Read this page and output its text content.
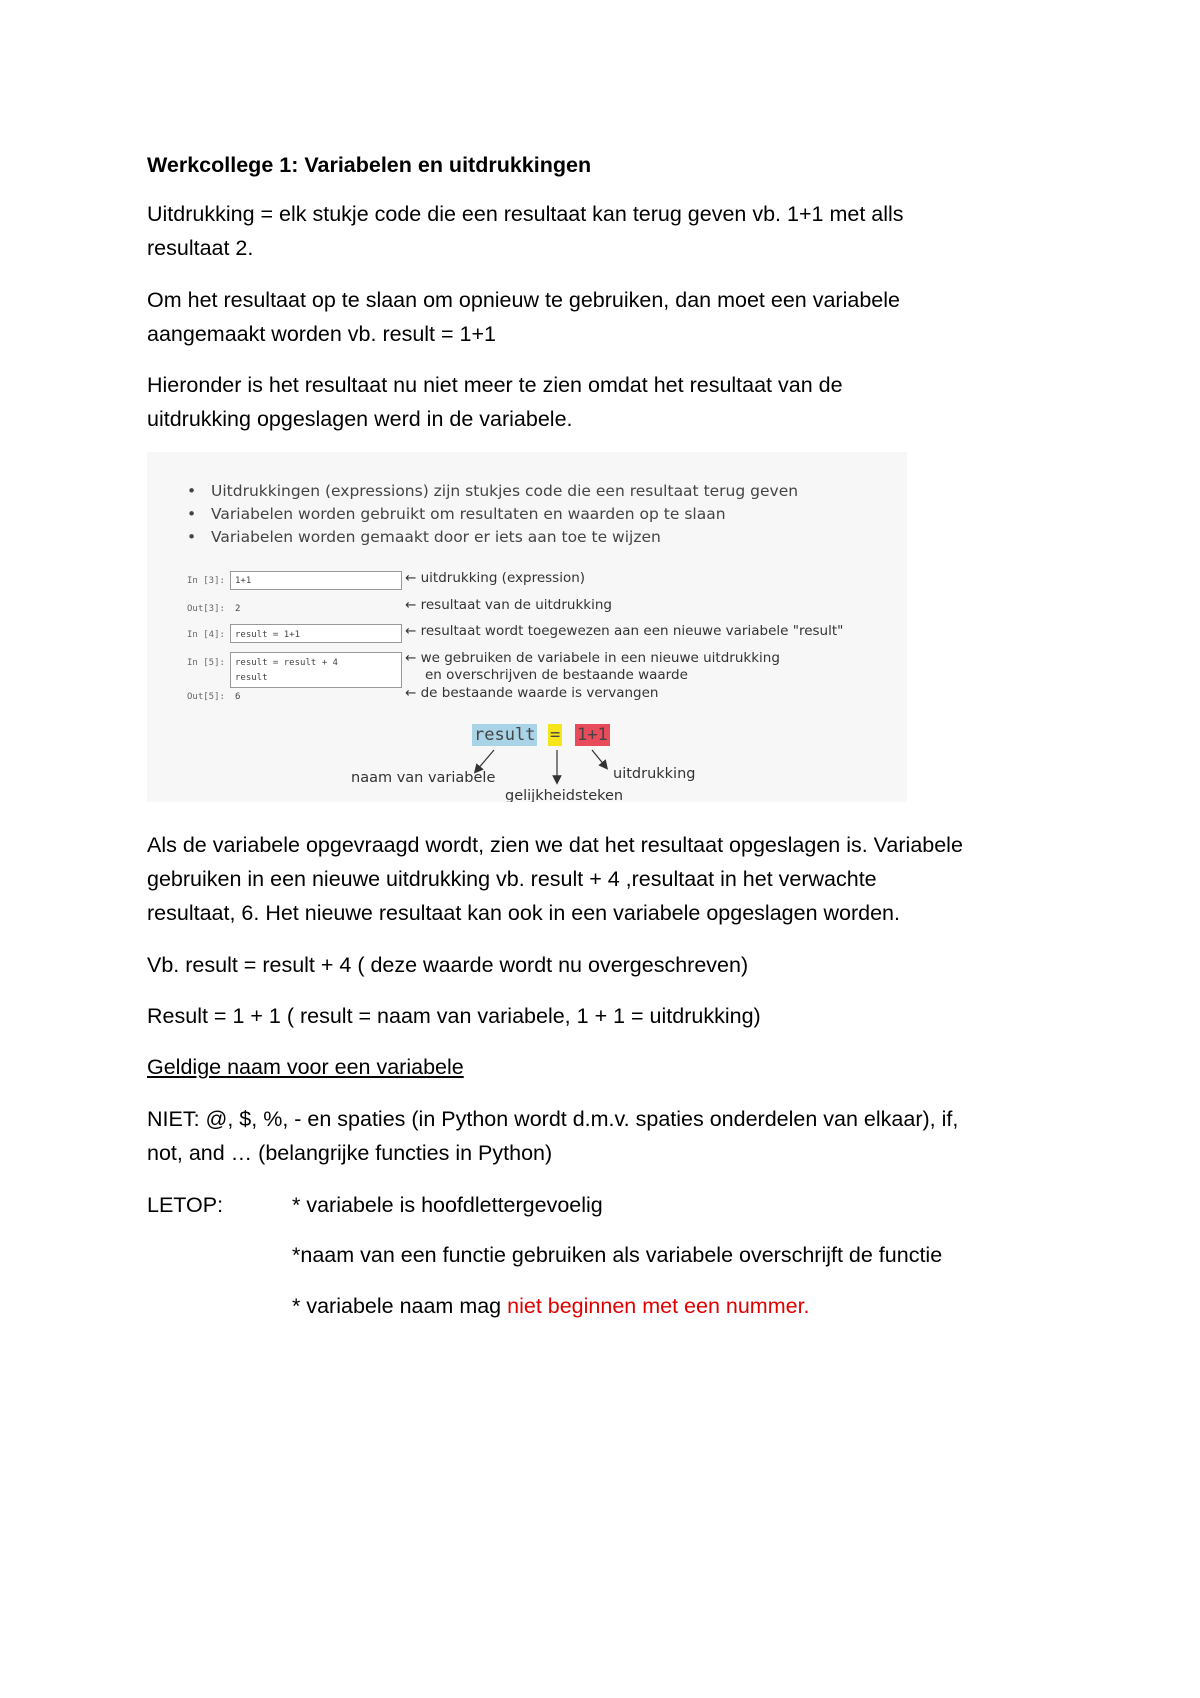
Werkcollege 1: Variabelen en uitdrukkingen

Uitdrukking = elk stukje code die een resultaat kan terug geven vb. 1+1 met alls

resultaat 2.

Om het resultaat op te slaan om opnieuw te gebruiken, dan moet een variabele

aangemaakt worden vb. result = 1+1

Hieronder is het resultaat nu niet meer te zien omdat het resultaat van de

uitdrukking opgeslagen werd in de variabele.

• Uitdrukkingen (expressions) zijn stukjes code die een resultaat terug geven
• Variabelen worden gebruikt om resultaten en waarden op te slaan
• Variabelen worden gemaakt door er iets aan toe te wijzen
In [3]: 1+1
Out[3]: 2
In [4]: result = 1+1
In [5]: result = result + 4
result
Out[5]: 6
← uitdrukking (expression)
← resultaat van de uitdrukking
← resultaat wordt toegewezen aan een nieuwe variabele "result"
← we gebruiken de variabele in een nieuwe uitdrukking
en overschrijven de bestaande waarde
← de bestaande waarde is vervangen
result = 1+1
naam van variabele
gelijkheidsteken
uitdrukking

Als de variabele opgevraagd wordt, zien we dat het resultaat opgeslagen is. Variabele

gebruiken in een nieuwe uitdrukking vb. result + 4 ,resultaat in het verwachte

resultaat, 6. Het nieuwe resultaat kan ook in een variabele opgeslagen worden.

Vb. result = result + 4 ( deze waarde wordt nu overgeschreven)

Result = 1 + 1 ( result = naam van variabele, 1 + 1 = uitdrukking)

Geldige naam voor een variabele

NIET: @, $, %, - en spaties (in Python wordt d.m.v. spaties onderdelen van elkaar), if,

not, and … (belangrijke functies in Python)

LETOP:	* variabele is hoofdlettergevoelig

*naam van een functie gebruiken als variabele overschrijft de functie

* variabele naam mag niet beginnen met een nummer.
